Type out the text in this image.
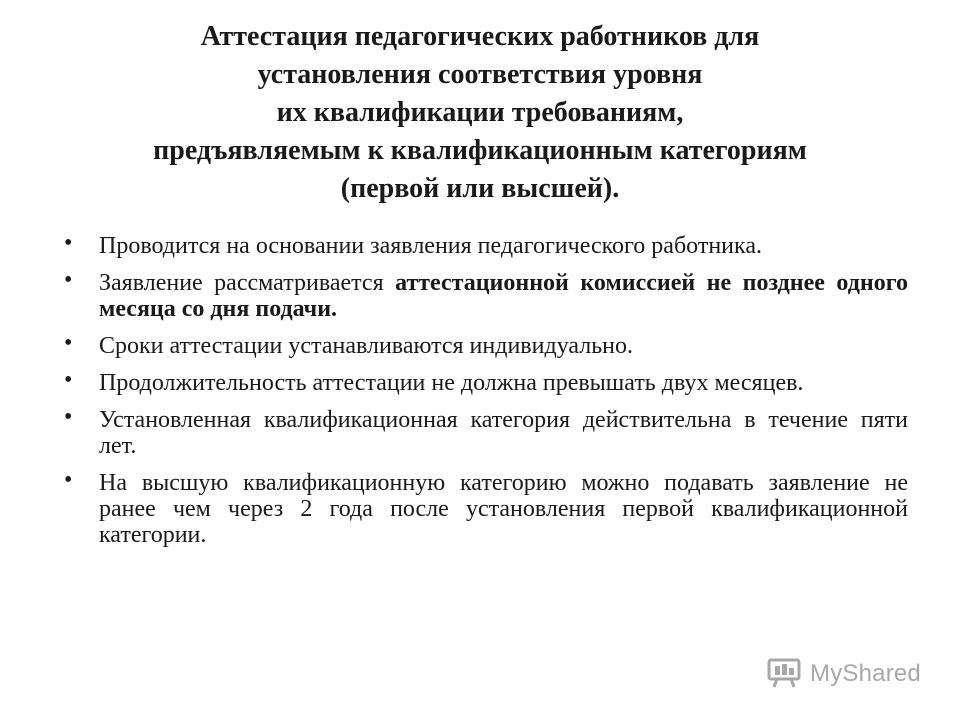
Аттестация педагогических работников для
установления соответствия уровня
их квалификации требованиям,
предъявляемым к квалификационным категориям
(первой или высшей).
• Проводится на основании заявления педагогического работника.
• Заявление рассматривается аттестационной комиссией не позднее одного месяца со дня подачи.
• Сроки аттестации устанавливаются индивидуально.
• Продолжительность аттестации не должна превышать двух месяцев.
• Установленная квалификационная категория действительна в течение пяти лет.
• На высшую квалификационную категорию можно подавать заявление не ранее чем через 2 года после установления первой квалификационной категории.
MyShared
